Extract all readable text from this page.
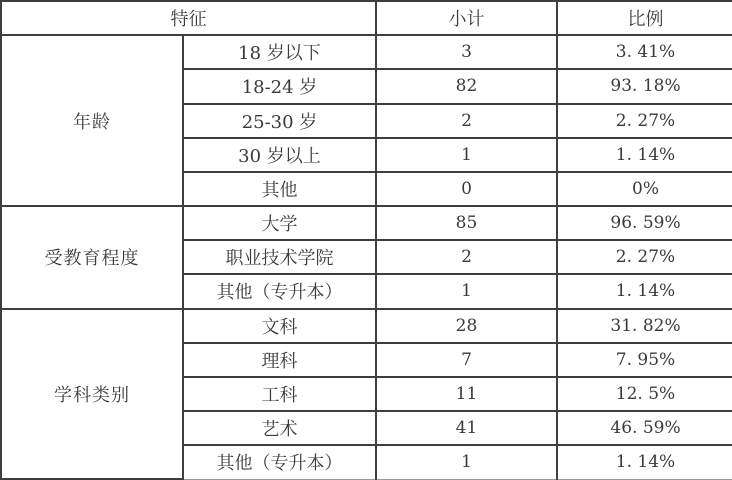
特征		小计	比例
年龄	18 岁以下	3	3. 41%
	18-24 岁	82	93. 18%
	25-30 岁	2	2. 27%
	30 岁以上	1	1. 14%
	其他	0	0%
受教育程度	大学	85	96. 59%
	职业技术学院	2	2. 27%
	其他（专升本）	1	1. 14%
学科类别	文科	28	31. 82%
	理科	7	7. 95%
	工科	11	12. 5%
	艺术	41	46. 59%
	其他（专升本）	1	1. 14%
